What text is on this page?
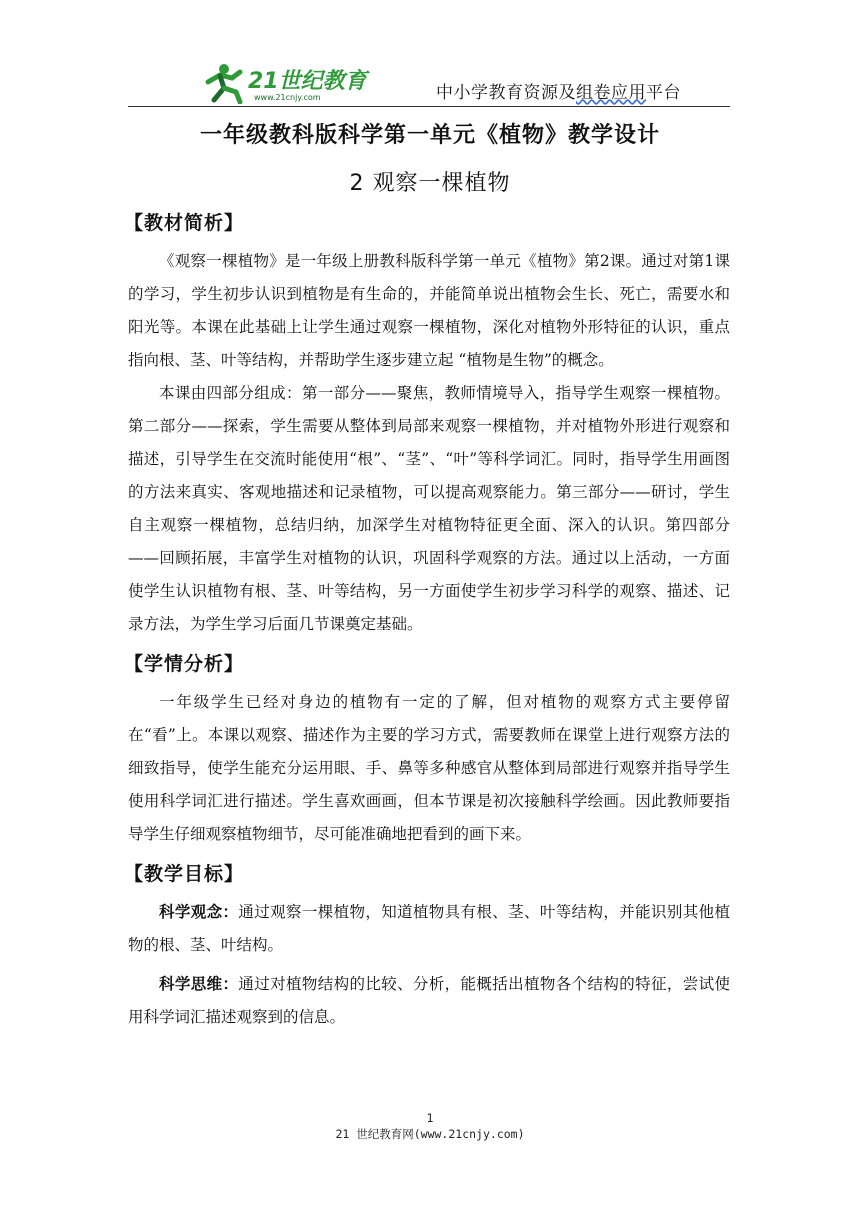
21世纪教育
www.21cnjy.com	中小学教育资源及组卷应用平台
一年级教科版科学第一单元《植物》教学设计
2 观察一棵植物
【教材简析】

《观察一棵植物》是一年级上册教科版科学第一单元《植物》第2课。通过对第1课的学习，学生初步认识到植物是有生命的，并能简单说出植物会生长、死亡，需要水和阳光等。本课在此基础上让学生通过观察一棵植物，深化对植物外形特征的认识，重点指向根、茎、叶等结构，并帮助学生逐步建立起 “植物是生物”的概念。

本课由四部分组成：第一部分——聚焦，教师情境导入，指导学生观察一棵植物。第二部分——探索，学生需要从整体到局部来观察一棵植物，并对植物外形进行观察和描述，引导学生在交流时能使用“根”、“茎”、“叶”等科学词汇。同时，指导学生用画图的方法来真实、客观地描述和记录植物，可以提高观察能力。第三部分——研讨，学生自主观察一棵植物，总结归纳，加深学生对植物特征更全面、深入的认识。第四部分——回顾拓展，丰富学生对植物的认识，巩固科学观察的方法。通过以上活动，一方面使学生认识植物有根、茎、叶等结构，另一方面使学生初步学习科学的观察、描述、记录方法，为学生学习后面几节课奠定基础。

【学情分析】

一年级学生已经对身边的植物有一定的了解，但对植物的观察方式主要停留在“看”上。本课以观察、描述作为主要的学习方式，需要教师在课堂上进行观察方法的细致指导，使学生能充分运用眼、手、鼻等多种感官从整体到局部进行观察并指导学生使用科学词汇进行描述。学生喜欢画画，但本节课是初次接触科学绘画。因此教师要指导学生仔细观察植物细节，尽可能准确地把看到的画下来。

【教学目标】

科学观念：通过观察一棵植物，知道植物具有根、茎、叶等结构，并能识别其他植物的根、茎、叶结构。

科学思维：通过对植物结构的比较、分析，能概括出植物各个结构的特征，尝试使用科学词汇描述观察到的信息。

1
21 世纪教育网(www.21cnjy.com)
